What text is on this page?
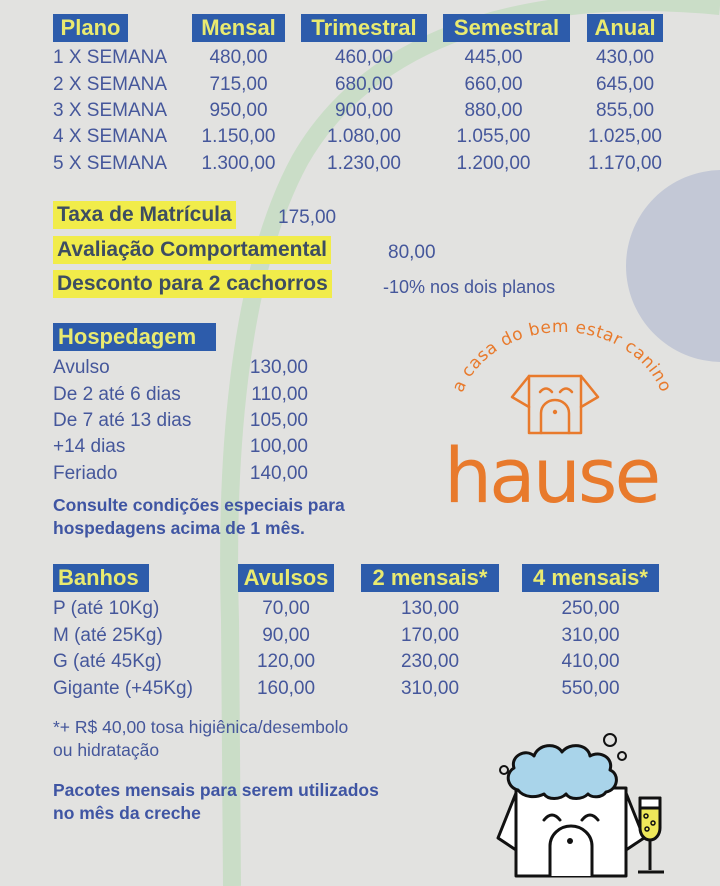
Plano	Mensal	Trimestral	Semestral	Anual
1 X SEMANA	480,00	460,00	445,00	430,00
2 X SEMANA	715,00	680,00	660,00	645,00
3 X SEMANA	950,00	900,00	880,00	855,00
4 X SEMANA	1.150,00	1.080,00	1.055,00	1.025,00
5 X SEMANA	1.300,00	1.230,00	1.200,00	1.170,00
Taxa de Matrícula 175,00
Avaliação Comportamental	80,00
Desconto para 2 cachorros	-10% nos dois planos
Hospedagem
Avulso	130,00
De 2 até 6 dias	110,00
De 7 até 13 dias	105,00
+14 dias	100,00
Feriado	140,00
Consulte condições especiais para
hospedagens acima de 1 mês.
a casa do bem estar canino
hause
Banhos	Avulsos	2 mensais*	4 mensais*
P (até 10Kg)	70,00	130,00	250,00
M (até 25Kg)	90,00	170,00	310,00
G (até 45Kg)	120,00	230,00	410,00
Gigante (+45Kg)	160,00	310,00	550,00
*+ R$ 40,00 tosa higiênica/desembolo
ou hidratação
Pacotes mensais para serem utilizados
no mês da creche
